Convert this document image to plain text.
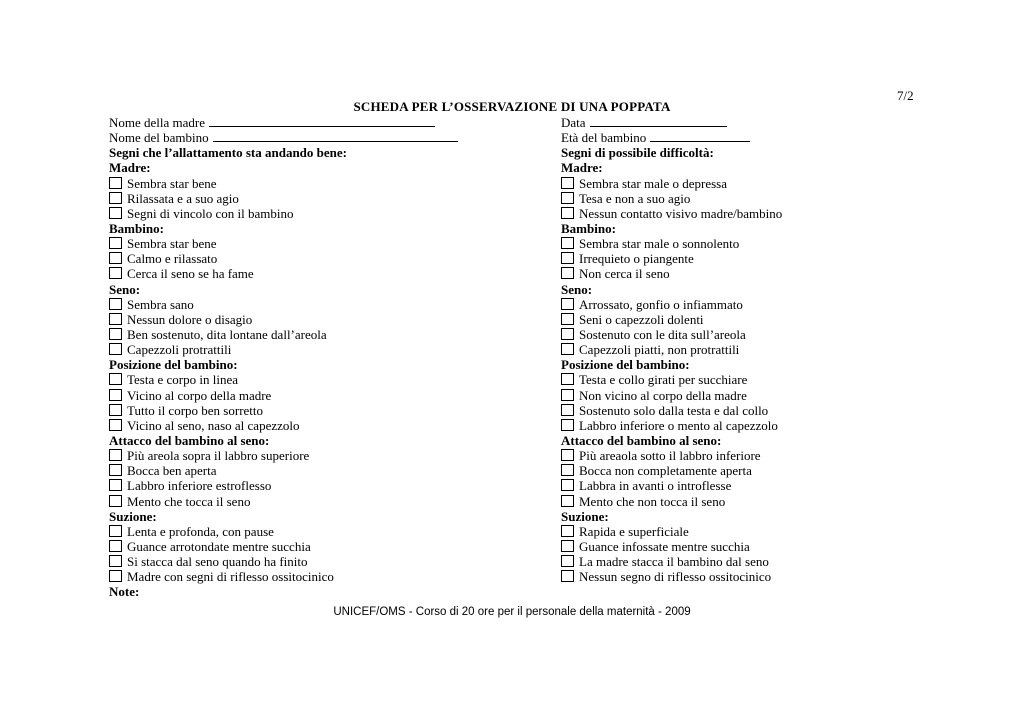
7/2
SCHEDA PER L’OSSERVAZIONE DI UNA POPPATA
Nome della madre
Nome del bambino
Segni che l’allattamento sta andando bene:
Madre:
Sembra star bene
Rilassata e a suo agio
Segni di vincolo con il bambino
Bambino:
Sembra star bene
Calmo e rilassato
Cerca il seno se ha fame
Seno:
Sembra sano
Nessun dolore o disagio
Ben sostenuto, dita lontane dall’areola
Capezzoli protrattili
Posizione del bambino:
Testa e corpo in linea
Vicino al corpo della madre
Tutto il corpo ben sorretto
Vicino al seno, naso al capezzolo
Attacco del bambino al seno:
Più areola sopra il labbro superiore
Bocca ben aperta
Labbro inferiore estroflesso
Mento che tocca il seno
Suzione:
Lenta e profonda, con pause
Guance arrotondate mentre succhia
Si stacca dal seno quando ha finito
Madre con segni di riflesso ossitocinico
Note:
Data
Età del bambino
Segni di possibile difficoltà:
Madre:
Sembra star male o depressa
Tesa e non a suo agio
Nessun contatto visivo madre/bambino
Bambino:
Sembra star male o sonnolento
Irrequieto o piangente
Non cerca il seno
Seno:
Arrossato, gonfio o infiammato
Seni o capezzoli dolenti
Sostenuto con le dita sull’areola
Capezzoli piatti, non protrattili
Posizione del bambino:
Testa e collo girati per succhiare
Non vicino al corpo della madre
Sostenuto solo dalla testa e dal collo
Labbro inferiore o mento al capezzolo
Attacco del bambino al seno:
Più areaola sotto il labbro inferiore
Bocca non completamente aperta
Labbra in avanti o introflesse
Mento che non tocca il seno
Suzione:
Rapida e superficiale
Guance infossate mentre succhia
La madre stacca il bambino dal seno
Nessun segno di riflesso ossitocinico
UNICEF/OMS - Corso di 20 ore per il personale della maternità - 2009
